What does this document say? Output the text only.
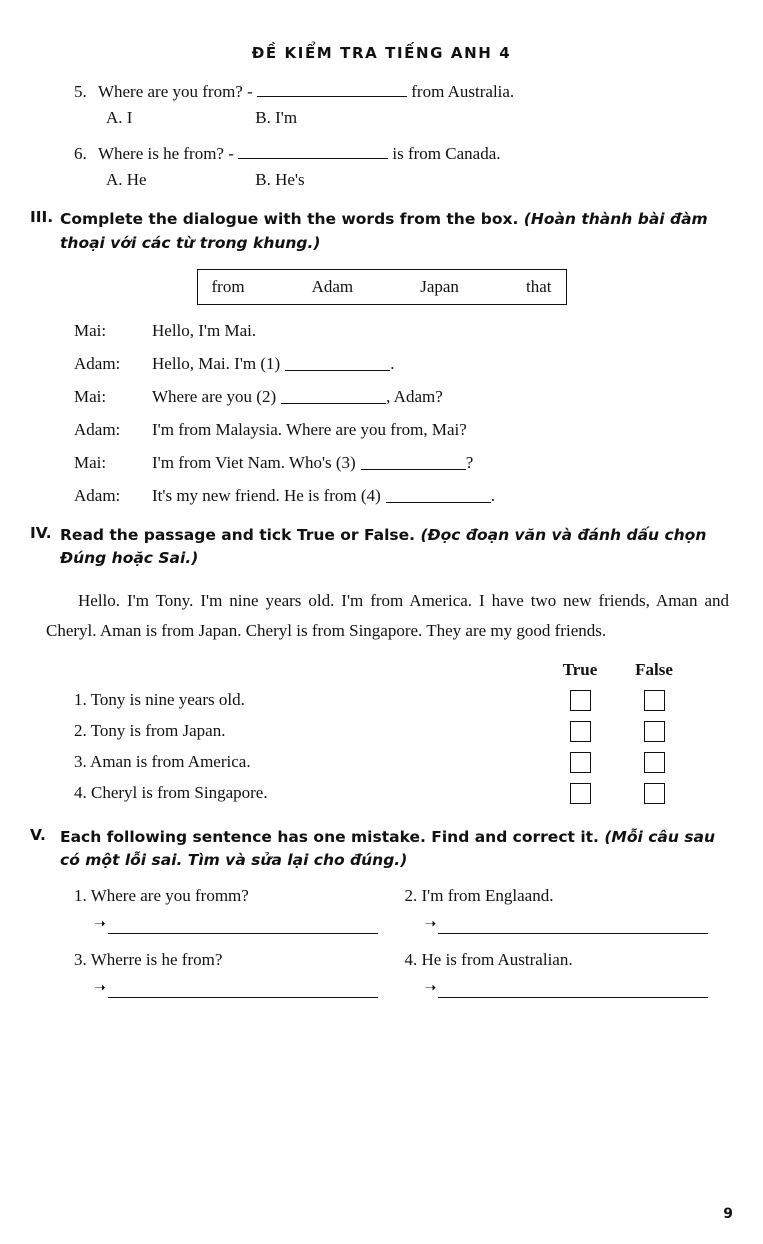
ĐỀ KIỂM TRA TIẾNG ANH 4
5. Where are you from? -	from Australia.
A. I	B. I'm
6. Where is he from? -	is from Canada.
A. He	B. He's
III. Complete the dialogue with the words from the box. (Hoàn thành bài đàm thoại với các từ trong khung.)
from	Adam	Japan	that
Mai:	Hello, I'm Mai.
Adam:	Hello, Mai. I'm (1)	.
Mai:	Where are you (2)	, Adam?
Adam:	I'm from Malaysia. Where are you from, Mai?
Mai:	I'm from Viet Nam. Who's (3)	?
Adam:	It's my new friend. He is from (4)	.
IV. Read the passage and tick True or False. (Đọc đoạn văn và đánh dấu chọn Đúng hoặc Sai.)
Hello. I'm Tony. I'm nine years old. I'm from America. I have two new friends, Aman and Cheryl. Aman is from Japan. Cheryl is from Singapore. They are my good friends.
True	False
1. Tony is nine years old.
2. Tony is from Japan.
3. Aman is from America.
4. Cheryl is from Singapore.
V. Each following sentence has one mistake. Find and correct it. (Mỗi câu sau có một lỗi sai. Tìm và sửa lại cho đúng.)
1. Where are you fromm?
➝
2. I'm from Englaand.
➝
3. Wherre is he from?
➝
4. He is from Australian.
➝
9
